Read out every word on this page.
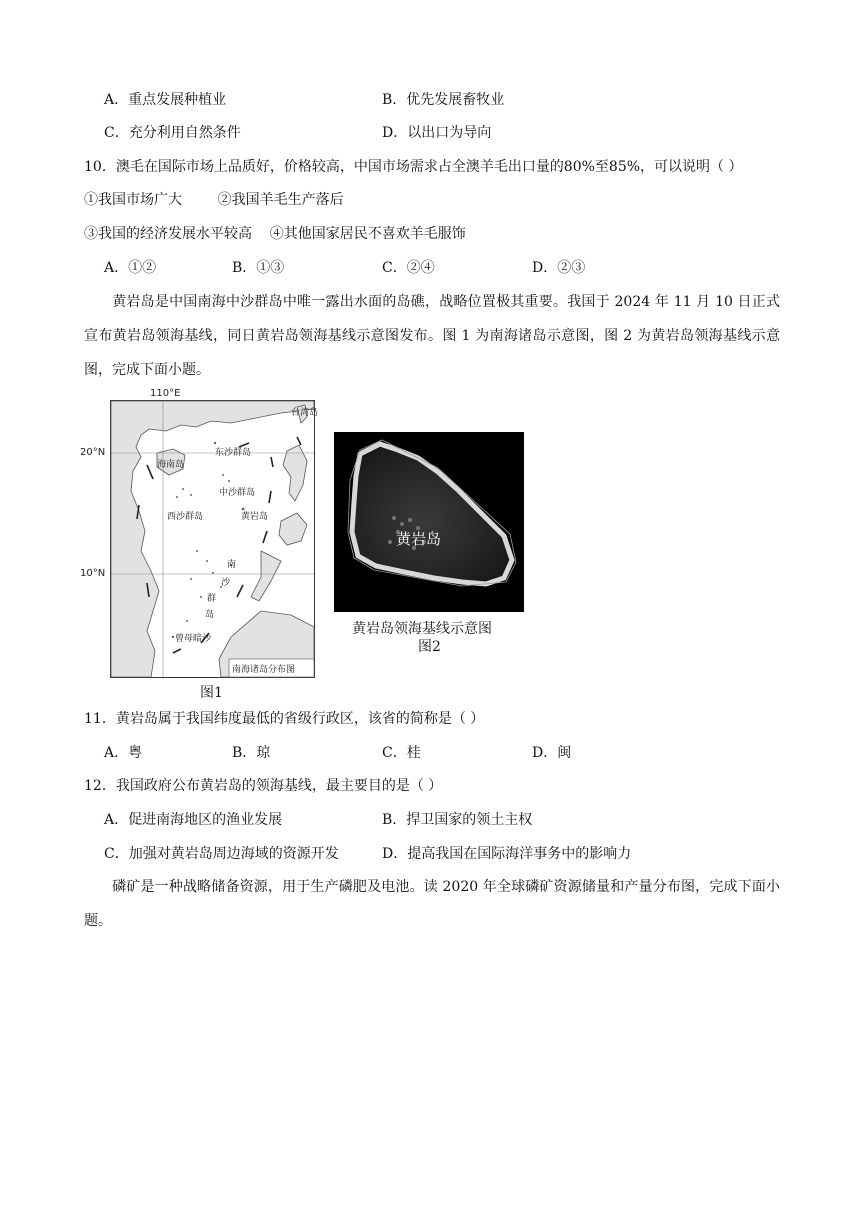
A．重点发展种植业	B．优先发展畜牧业
C．充分利用自然条件	D．以出口为导向
10．澳毛在国际市场上品质好，价格较高，中国市场需求占全澳羊毛出口量的80%至85%，可以说明（ ）
①我国市场广大        ②我国羊毛生产落后
③我国的经济发展水平较高    ④其他国家居民不喜欢羊毛服饰
A．①②	B．①③	C．②④	D．②③
黄岩岛是中国南海中沙群岛中唯一露出水面的岛礁，战略位置极其重要。我国于 2024 年 11 月 10 日正式宣布黄岩岛领海基线，同日黄岩岛领海基线示意图发布。图 1 为南海诸岛示意图，图 2 为黄岩岛领海基线示意图，完成下面小题。
110°E
20°N
10°N
台湾岛
东沙群岛
海南岛
中沙群岛
西沙群岛	黄岩岛
南
沙
群
岛
曾母暗沙
南海诸岛分布图
图1
黄岩岛
黄岩岛领海基线示意图
图2
11．黄岩岛属于我国纬度最低的省级行政区，该省的简称是（ ）
A．粤	B．琼	C．桂	D．闽
12．我国政府公布黄岩岛的领海基线，最主要目的是（ ）
A．促进南海地区的渔业发展	B．捍卫国家的领土主权
C．加强对黄岩岛周边海域的资源开发	D．提高我国在国际海洋事务中的影响力
磷矿是一种战略储备资源，用于生产磷肥及电池。读 2020 年全球磷矿资源储量和产量分布图，完成下面小题。
